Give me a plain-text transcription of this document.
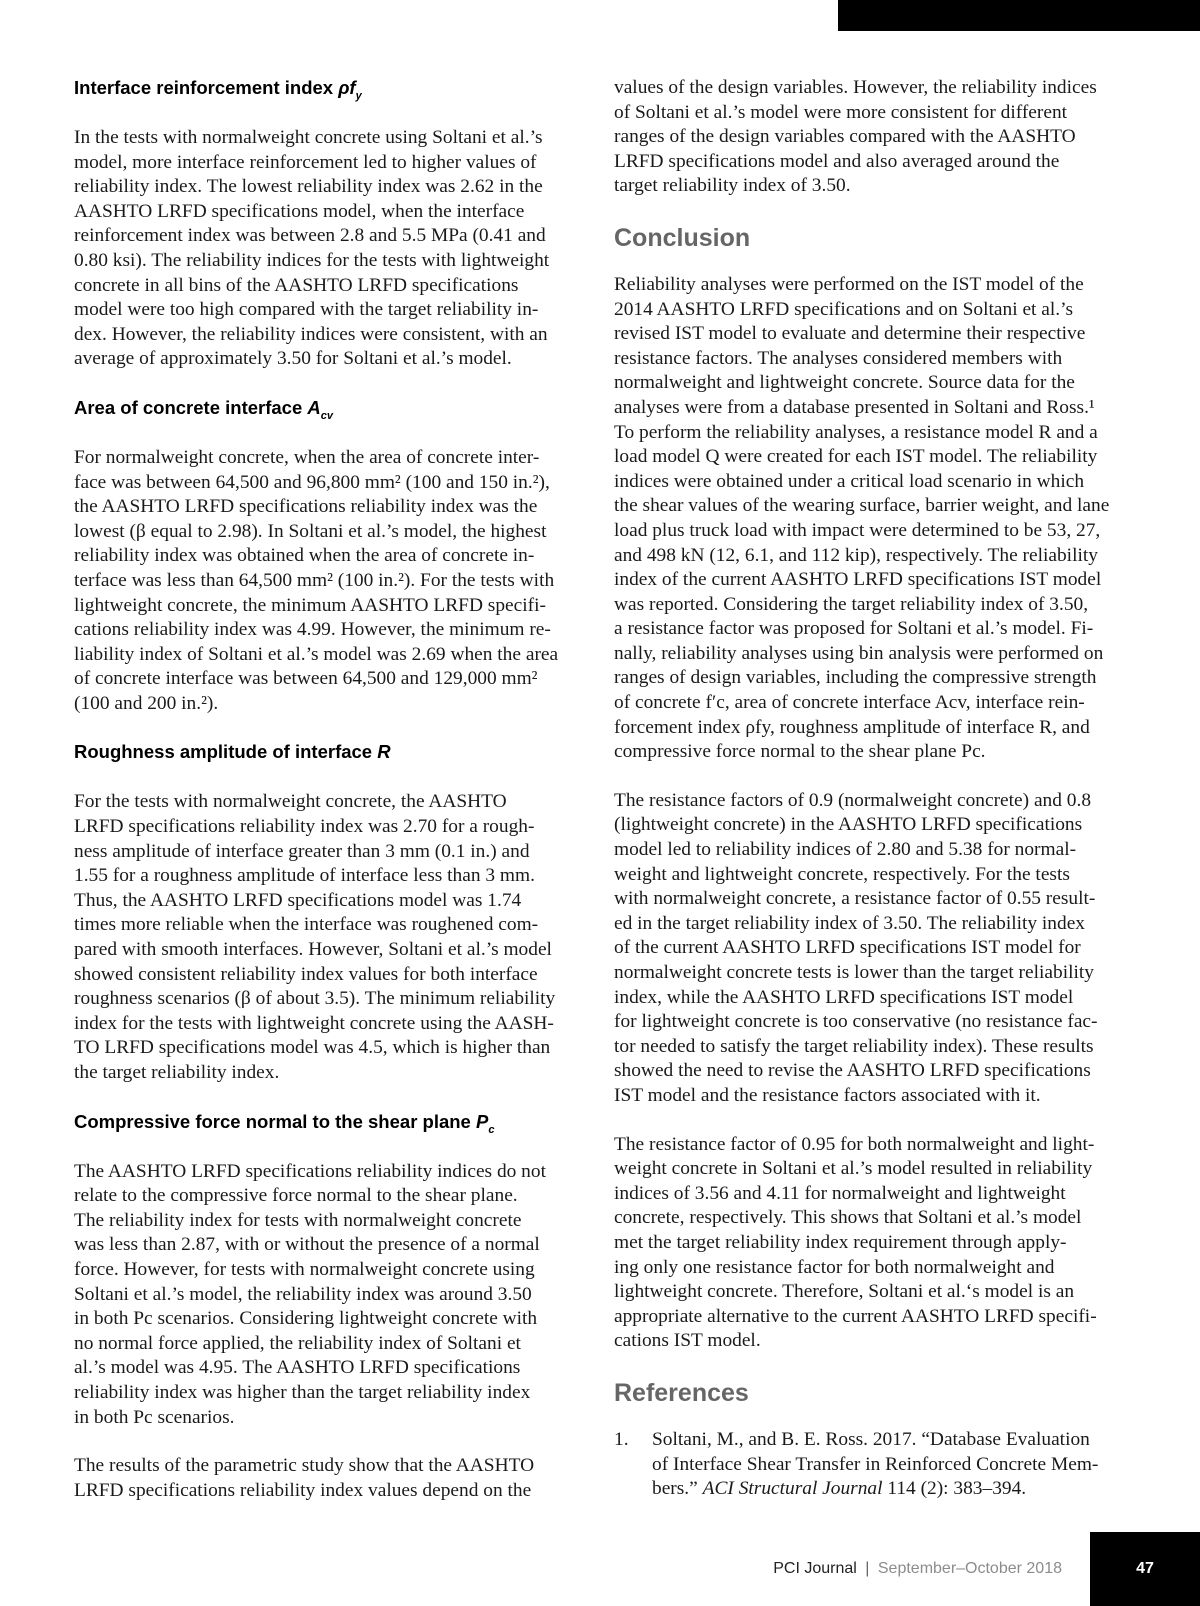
Interface reinforcement index $\rho f_y$

In the tests with normalweight concrete using Soltani et al.’s
model, more interface reinforcement led to higher values of
reliability index. The lowest reliability index was 2.62 in the
AASHTO LRFD specifications model, when the interface
reinforcement index was between 2.8 and 5.5 MPa (0.41 and
0.80 ksi). The reliability indices for the tests with lightweight
concrete in all bins of the AASHTO LRFD specifications
model were too high compared with the target reliability in-
dex. However, the reliability indices were consistent, with an
average of approximately 3.50 for Soltani et al.’s model.

Area of concrete interface $A_{cv}$

For normalweight concrete, when the area of concrete inter-
face was between 64,500 and 96,800 mm² (100 and 150 in.²),
the AASHTO LRFD specifications reliability index was the
lowest (β equal to 2.98). In Soltani et al.’s model, the highest
reliability index was obtained when the area of concrete in-
terface was less than 64,500 mm² (100 in.²). For the tests with
lightweight concrete, the minimum AASHTO LRFD specifi-
cations reliability index was 4.99. However, the minimum re-
liability index of Soltani et al.’s model was 2.69 when the area
of concrete interface was between 64,500 and 129,000 mm²
(100 and 200 in.²).

Roughness amplitude of interface R

For the tests with normalweight concrete, the AASHTO
LRFD specifications reliability index was 2.70 for a rough-
ness amplitude of interface greater than 3 mm (0.1 in.) and
1.55 for a roughness amplitude of interface less than 3 mm.
Thus, the AASHTO LRFD specifications model was 1.74
times more reliable when the interface was roughened com-
pared with smooth interfaces. However, Soltani et al.’s model
showed consistent reliability index values for both interface
roughness scenarios (β of about 3.5). The minimum reliability
index for the tests with lightweight concrete using the AASH-
TO LRFD specifications model was 4.5, which is higher than
the target reliability index.

Compressive force normal to the shear plane $P_c$

The AASHTO LRFD specifications reliability indices do not
relate to the compressive force normal to the shear plane.
The reliability index for tests with normalweight concrete
was less than 2.87, with or without the presence of a normal
force. However, for tests with normalweight concrete using
Soltani et al.’s model, the reliability index was around 3.50
in both Pc scenarios. Considering lightweight concrete with
no normal force applied, the reliability index of Soltani et
al.’s model was 4.95. The AASHTO LRFD specifications
reliability index was higher than the target reliability index
in both Pc scenarios.

The results of the parametric study show that the AASHTO
LRFD specifications reliability index values depend on the

values of the design variables. However, the reliability indices
of Soltani et al.’s model were more consistent for different
ranges of the design variables compared with the AASHTO
LRFD specifications model and also averaged around the
target reliability index of 3.50.

Conclusion

Reliability analyses were performed on the IST model of the
2014 AASHTO LRFD specifications and on Soltani et al.’s
revised IST model to evaluate and determine their respective
resistance factors. The analyses considered members with
normalweight and lightweight concrete. Source data for the
analyses were from a database presented in Soltani and Ross.¹
To perform the reliability analyses, a resistance model R and a
load model Q were created for each IST model. The reliability
indices were obtained under a critical load scenario in which
the shear values of the wearing surface, barrier weight, and lane
load plus truck load with impact were determined to be 53, 27,
and 498 kN (12, 6.1, and 112 kip), respectively. The reliability
index of the current AASHTO LRFD specifications IST model
was reported. Considering the target reliability index of 3.50,
a resistance factor was proposed for Soltani et al.’s model. Fi-
nally, reliability analyses using bin analysis were performed on
ranges of design variables, including the compressive strength
of concrete f′c, area of concrete interface Acv, interface rein-
forcement index ρfy, roughness amplitude of interface R, and
compressive force normal to the shear plane Pc.

The resistance factors of 0.9 (normalweight concrete) and 0.8
(lightweight concrete) in the AASHTO LRFD specifications
model led to reliability indices of 2.80 and 5.38 for normal-
weight and lightweight concrete, respectively. For the tests
with normalweight concrete, a resistance factor of 0.55 result-
ed in the target reliability index of 3.50. The reliability index
of the current AASHTO LRFD specifications IST model for
normalweight concrete tests is lower than the target reliability
index, while the AASHTO LRFD specifications IST model
for lightweight concrete is too conservative (no resistance fac-
tor needed to satisfy the target reliability index). These results
showed the need to revise the AASHTO LRFD specifications
IST model and the resistance factors associated with it.

The resistance factor of 0.95 for both normalweight and light-
weight concrete in Soltani et al.’s model resulted in reliability
indices of 3.56 and 4.11 for normalweight and lightweight
concrete, respectively. This shows that Soltani et al.’s model
met the target reliability index requirement through apply-
ing only one resistance factor for both normalweight and
lightweight concrete. Therefore, Soltani et al.‘s model is an
appropriate alternative to the current AASHTO LRFD specifi-
cations IST model.

References
1.	Soltani, M., and B. E. Ross. 2017. “Database Evaluation
of Interface Shear Transfer in Reinforced Concrete Mem-
bers.” ACI Structural Journal 114 (2): 383–394.
PCI Journal | September–October 2018	47
